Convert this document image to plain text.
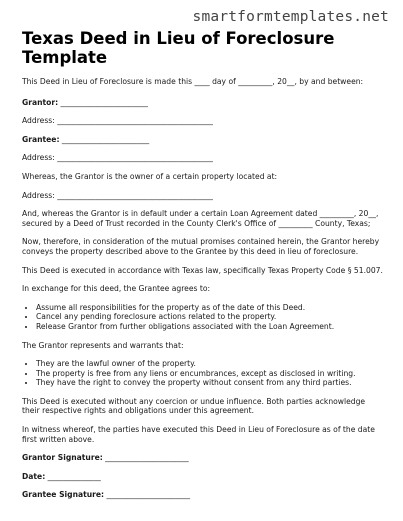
smartformtemplates.net
Texas Deed in Lieu of Foreclosure Template

This Deed in Lieu of Foreclosure is made this ____ day of _________, 20__, by and between:

Grantor: _______________________

Address: _________________________________________

Grantee: _______________________

Address: _________________________________________

Whereas, the Grantor is the owner of a certain property located at:

Address: _________________________________________

And, whereas the Grantor is in default under a certain Loan Agreement dated _________, 20__, secured by a Deed of Trust recorded in the County Clerk's Office of _________ County, Texas;

Now, therefore, in consideration of the mutual promises contained herein, the Grantor hereby conveys the property described above to the Grantee by this deed in lieu of foreclosure.

This Deed is executed in accordance with Texas law, specifically Texas Property Code § 51.007.

In exchange for this deed, the Grantee agrees to:

• Assume all responsibilities for the property as of the date of this Deed.
• Cancel any pending foreclosure actions related to the property.
• Release Grantor from further obligations associated with the Loan Agreement.

The Grantor represents and warrants that:

• They are the lawful owner of the property.
• The property is free from any liens or encumbrances, except as disclosed in writing.
• They have the right to convey the property without consent from any third parties.

This Deed is executed without any coercion or undue influence. Both parties acknowledge their respective rights and obligations under this agreement.

In witness whereof, the parties have executed this Deed in Lieu of Foreclosure as of the date first written above.

Grantor Signature: ______________________

Date: ______________

Grantee Signature: ______________________
